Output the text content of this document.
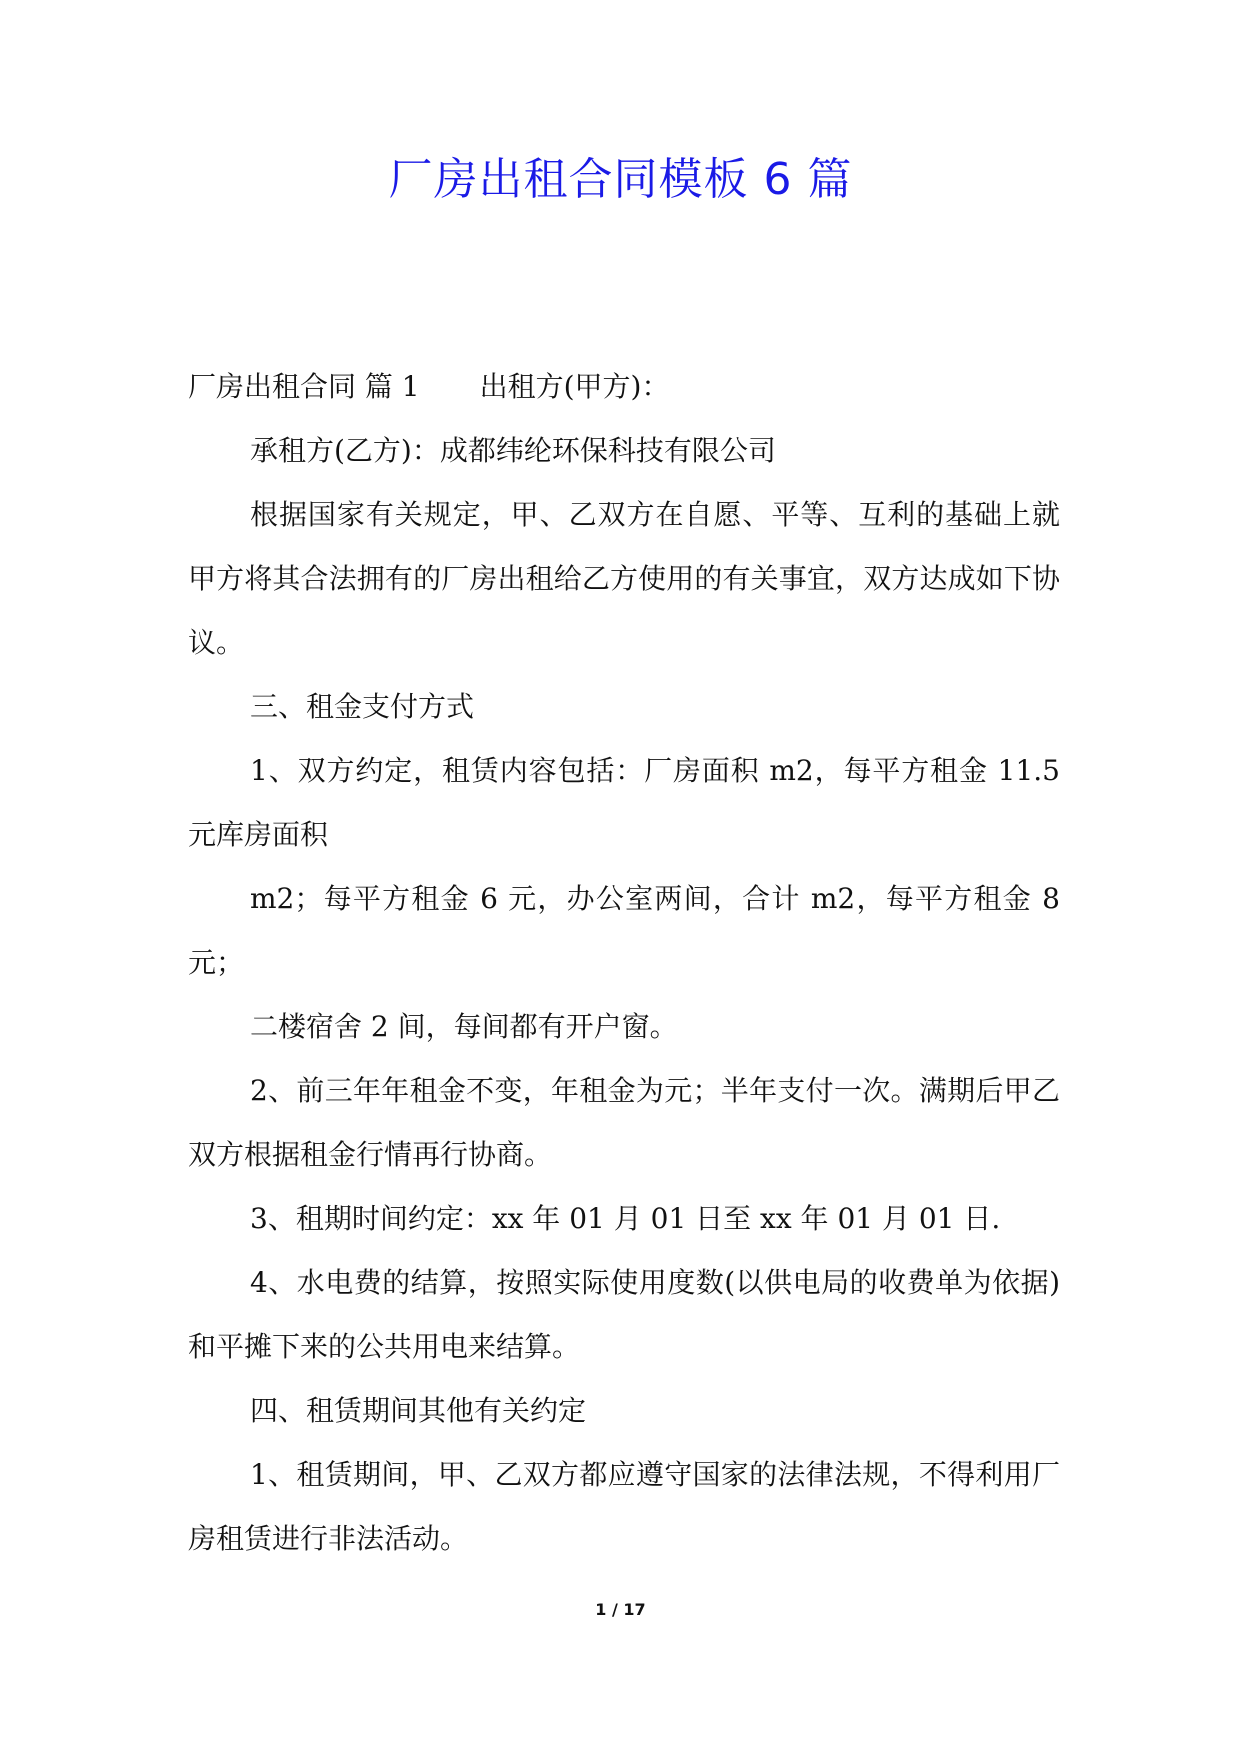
厂房出租合同模板 6 篇

厂房出租合同 篇 1 出租方(甲方)：

承租方(乙方)：成都纬纶环保科技有限公司

根据国家有关规定，甲、乙双方在自愿、平等、互利的基础上就甲方将其合法拥有的厂房出租给乙方使用的有关事宜，双方达成如下协议。

三、租金支付方式

1、双方约定，租赁内容包括：厂房面积 m2，每平方租金 11.5 元库房面积

m2；每平方租金 6 元，办公室两间，合计 m2，每平方租金 8 元；

二楼宿舍 2 间，每间都有开户窗。

2、前三年年租金不变，年租金为元；半年支付一次。满期后甲乙双方根据租金行情再行协商。

3、租期时间约定：xx 年 01 月 01 日至 xx 年 01 月 01 日.

4、水电费的结算，按照实际使用度数(以供电局的收费单为依据)和平摊下来的公共用电来结算。

四、租赁期间其他有关约定

1、租赁期间，甲、乙双方都应遵守国家的法律法规，不得利用厂房租赁进行非法活动。

1 / 17
